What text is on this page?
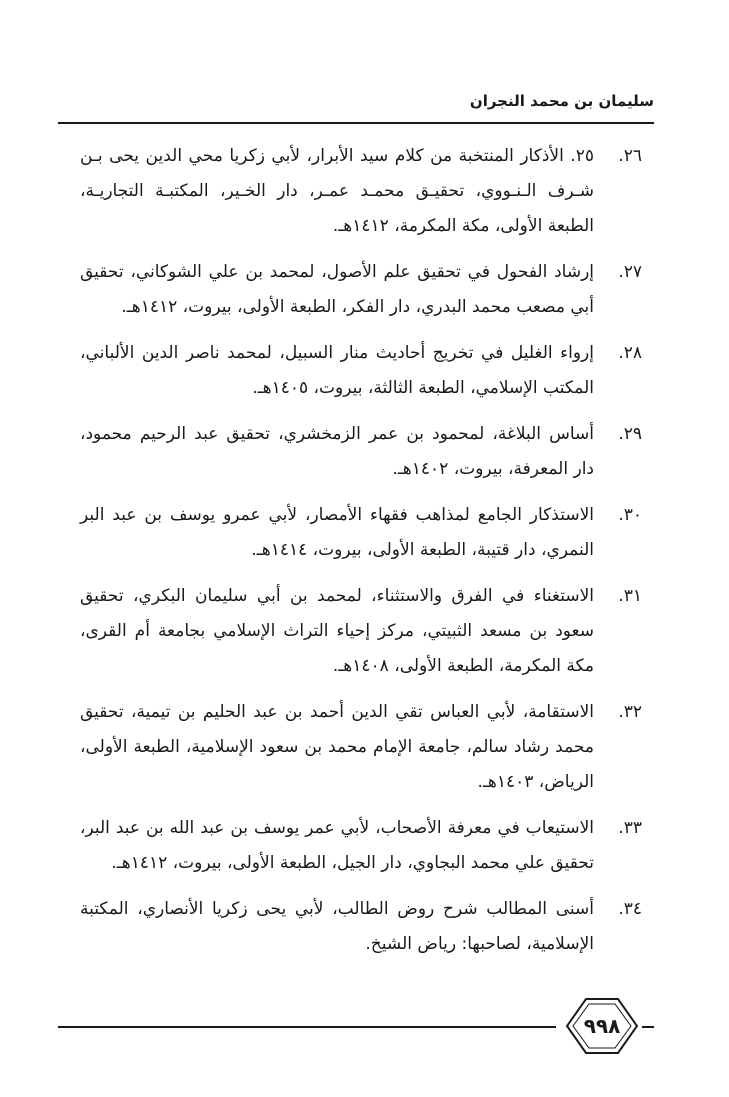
سليمان بن محمد النجران
٢٦.
٢٥. الأذكار المنتخبة من كلام سيد الأبرار، لأبي زكريا محي الدين يحى بـن شـرف الـنـووي، تحقيـق محمـد عمـر، دار الخـير، المكتبـة التجاريـة، الطبعة الأولى، مكة المكرمة، ١٤١٢هـ.
٢٧.
إرشاد الفحول في تحقيق علم الأصول، لمحمد بن علي الشوكاني، تحقيق أبي مصعب محمد البدري، دار الفكر، الطبعة الأولى، بيروت، ١٤١٢هـ.
٢٨.
إرواء الغليل في تخريج أحاديث منار السبيل، لمحمد ناصر الدين الألباني، المكتب الإسلامي، الطبعة الثالثة، بيروت، ١٤٠٥هـ.
٢٩.
أساس البلاغة، لمحمود بن عمر الزمخشري، تحقيق عبد الرحيم محمود، دار المعرفة، بيروت، ١٤٠٢هـ.
٣٠.
الاستذكار الجامع لمذاهب فقهاء الأمصار، لأبي عمرو يوسف بن عبد البر النمري، دار قتيبة، الطبعة الأولى، بيروت، ١٤١٤هـ.
٣١.
الاستغناء في الفرق والاستثناء، لمحمد بن أبي سليمان البكري، تحقيق سعود بن مسعد الثبيتي، مركز إحياء التراث الإسلامي بجامعة أم القرى، مكة المكرمة، الطبعة الأولى، ١٤٠٨هـ.
٣٢.
الاستقامة، لأبي العباس تقي الدين أحمد بن عبد الحليم بن تيمية، تحقيق محمد رشاد سالم، جامعة الإمام محمد بن سعود الإسلامية، الطبعة الأولى، الرياض، ١٤٠٣هـ.
٣٣.
الاستيعاب في معرفة الأصحاب، لأبي عمر يوسف بن عبد الله بن عبد البر، تحقيق علي محمد البجاوي، دار الجيل، الطبعة الأولى، بيروت، ١٤١٢هـ.
٣٤.
أسنى المطالب شرح روض الطالب، لأبي يحى زكريا الأنصاري، المكتبة الإسلامية، لصاحبها: رياض الشيخ.
٩٩٨
